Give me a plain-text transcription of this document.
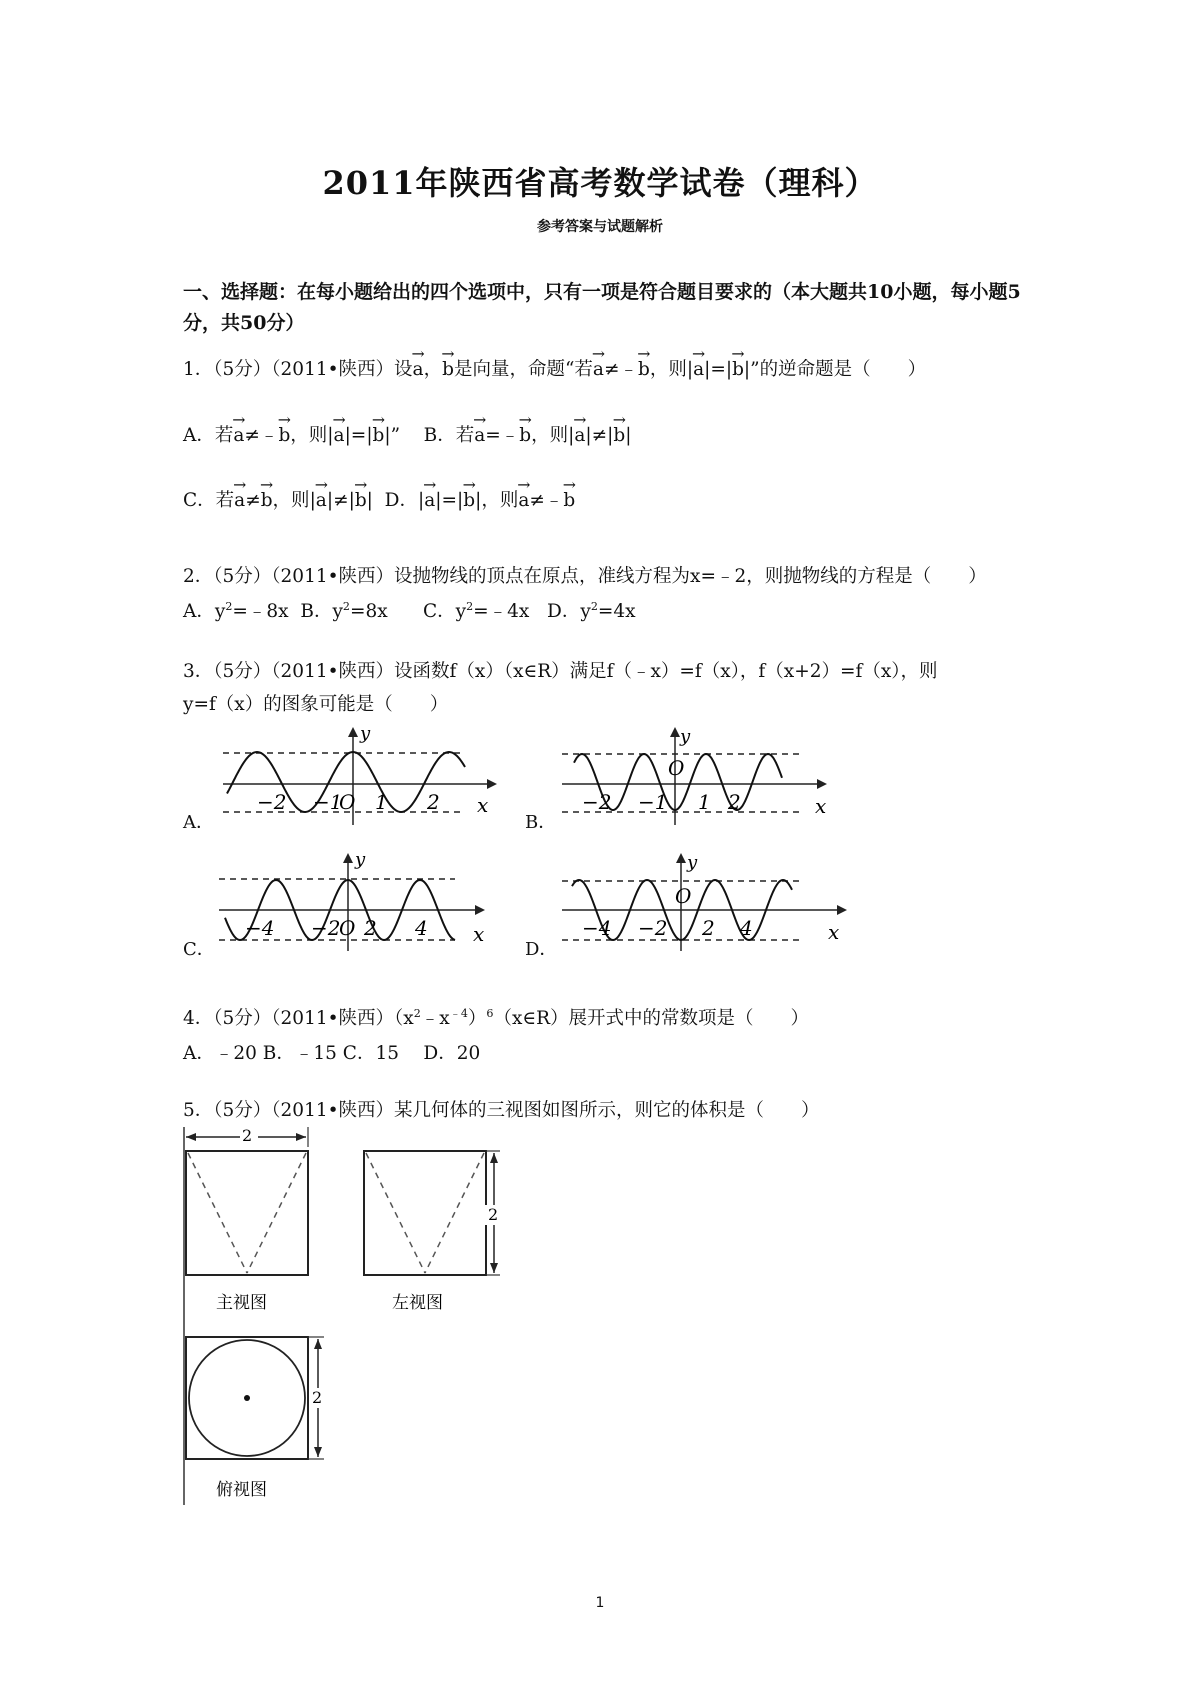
2011年陕西省高考数学试卷（理科）
参考答案与试题解析
一、选择题：在每小题给出的四个选项中，只有一项是符合题目要求的（本大题共10小题，每小题5分，共50分）
1．（5分）（2011•陕西）设→ a，→ b是向量，命题“若→ a≠﹣→ b，则|→ a|=|→ b|”的逆命题是（　　）
A．若→ a≠﹣→ b，则|→ a|=|→ b|”    B．若→ a=﹣→ b，则|→ a|≠|→ b|
C．若→ a≠→ b，则|→ a|≠|→ b| D．|→ a|=|→ b|，则→ a≠﹣→ b
2．（5分）（2011•陕西）设抛物线的顶点在原点，准线方程为x=﹣2，则抛物线的方程是（　　）
A．$y^2=﹣8x$ B．$y^2=8x$ C．$y^2=﹣4x$ D．$y^2=4x$
3．（5分）（2011•陕西）设函数f（x）（x∈R）满足f（﹣x）=f（x），f（x+2）=f（x），则
y=f（x）的图象可能是（　　）
A．	B．
C．	D．
y
x
−2 −1
O 1 2
y
O
x
−2 −1 1 2
y
x
−4 −2
O 2 4
y
O
x
−4 −2 2 4
4．（5分）（2011•陕西）$(x^2﹣x^{﹣4})^6(x\in R)$展开式中的常数项是（　　）
A．﹣20 B．﹣15 C．15　 D．20
5．（5分）（2011•陕西）某几何体的三视图如图所示，则它的体积是（　　）
2
主视图
2
左视图
2
俯视图
1
